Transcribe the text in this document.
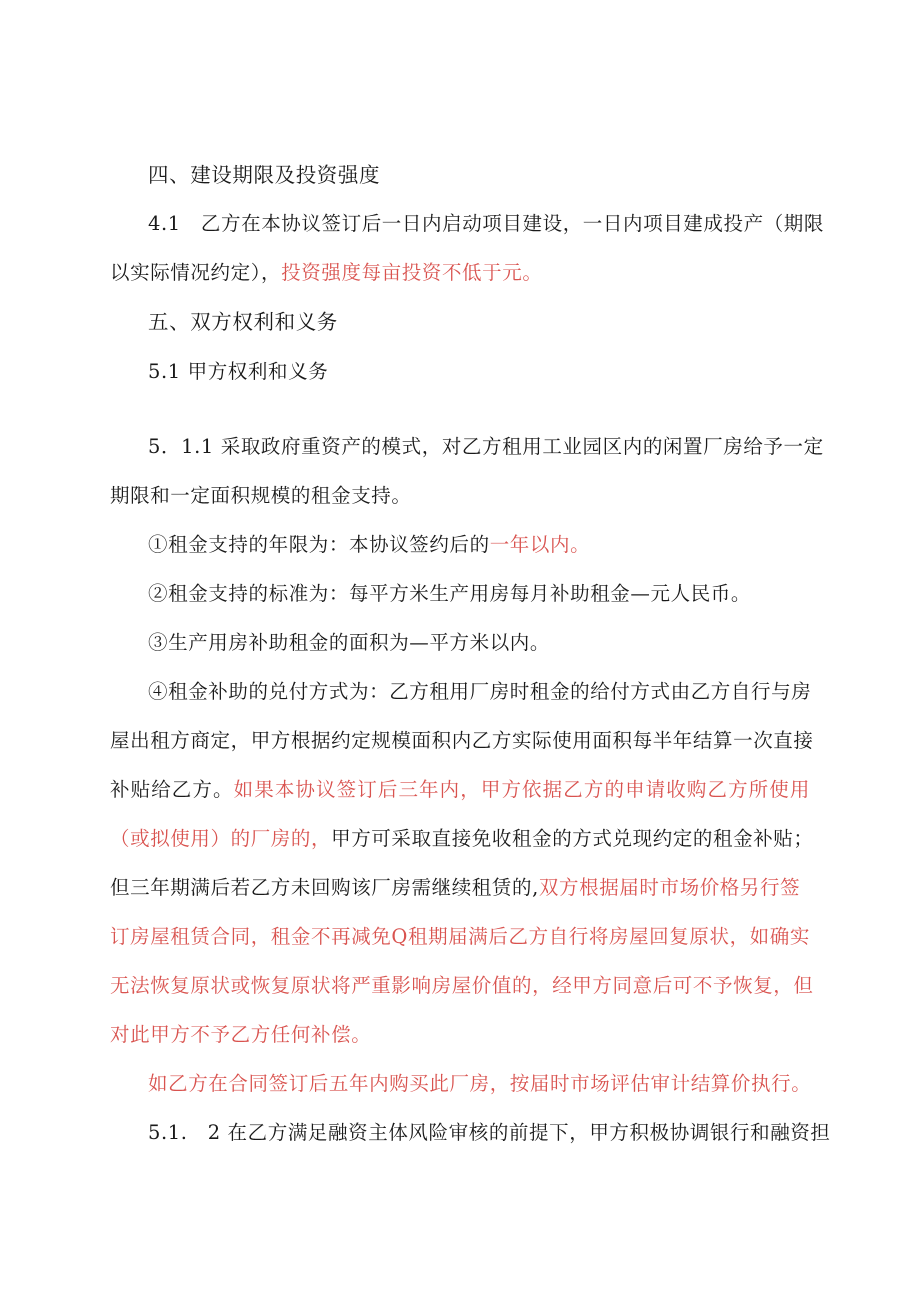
四、建设期限及投资强度
4.1　乙方在本协议签订后一日内启动项目建设，一日内项目建成投产（期限
以实际情况约定），投资强度每亩投资不低于元。
五、双方权利和义务
5.1 甲方权利和义务
5．1.1 采取政府重资产的模式，对乙方租用工业园区内的闲置厂房给予一定
期限和一定面积规模的租金支持。
①租金支持的年限为：本协议签约后的一年以内。
②租金支持的标准为：每平方米生产用房每月补助租金—元人民币。
③生产用房补助租金的面积为—平方米以内。
④租金补助的兑付方式为：乙方租用厂房时租金的给付方式由乙方自行与房
屋出租方商定，甲方根据约定规模面积内乙方实际使用面积每半年结算一次直接
补贴给乙方。如果本协议签订后三年内，甲方依据乙方的申请收购乙方所使用
（或拟使用）的厂房的，甲方可采取直接免收租金的方式兑现约定的租金补贴；
但三年期满后若乙方未回购该厂房需继续租赁的,双方根据届时市场价格另行签
订房屋租赁合同，租金不再减免Q租期届满后乙方自行将房屋回复原状，如确实
无法恢复原状或恢复原状将严重影响房屋价值的，经甲方同意后可不予恢复，但
对此甲方不予乙方任何补偿。
如乙方在合同签订后五年内购买此厂房，按届时市场评估审计结算价执行。
5.1.　2 在乙方满足融资主体风险审核的前提下，甲方积极协调银行和融资担
